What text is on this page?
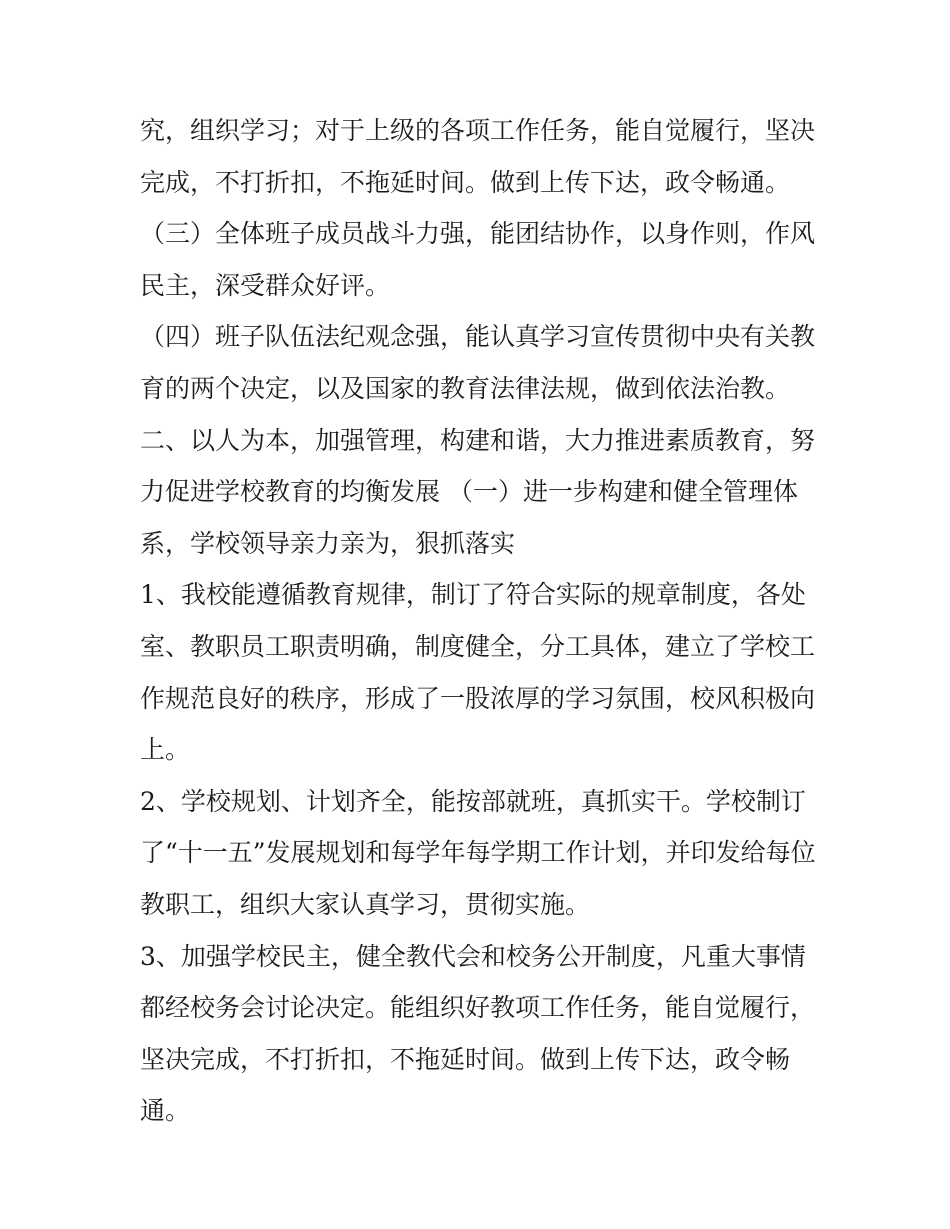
究，组织学习；对于上级的各项工作任务，能自觉履行，坚决
完成，不打折扣，不拖延时间。做到上传下达，政令畅通。

（三）全体班子成员战斗力强，能团结协作，以身作则，作风
民主，深受群众好评。

（四）班子队伍法纪观念强，能认真学习宣传贯彻中央有关教
育的两个决定，以及国家的教育法律法规，做到依法治教。

二、以人为本，加强管理，构建和谐，大力推进素质教育，努
力促进学校教育的均衡发展 （一）进一步构建和健全管理体
系，学校领导亲力亲为，狠抓落实

1、我校能遵循教育规律，制订了符合实际的规章制度，各处
室、教职员工职责明确，制度健全，分工具体，建立了学校工
作规范良好的秩序，形成了一股浓厚的学习氛围，校风积极向
上。

2、学校规划、计划齐全，能按部就班，真抓实干。学校制订
了“十一五”发展规划和每学年每学期工作计划，并印发给每位
教职工，组织大家认真学习，贯彻实施。

3、加强学校民主，健全教代会和校务公开制度，凡重大事情
都经校务会讨论决定。能组织好教项工作任务，能自觉履行，
坚决完成，不打折扣，不拖延时间。做到上传下达，政令畅
通。
